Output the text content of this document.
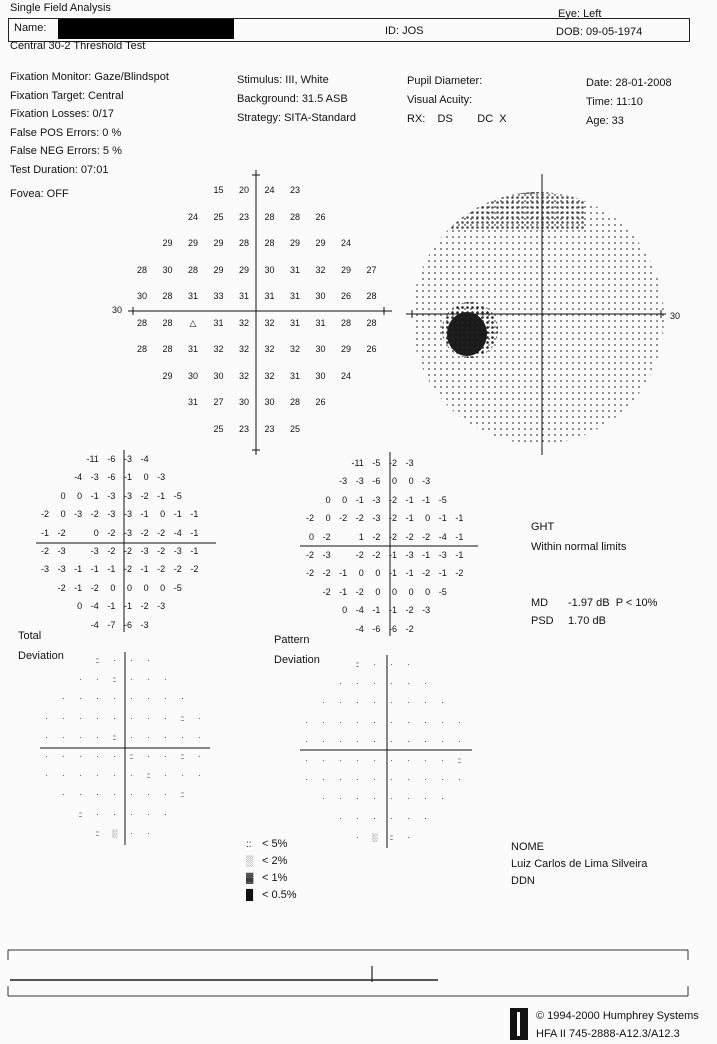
Single Field Analysis	Eye: Left
Name:	ID: JOS	DOB: 09-05-1974
Central 30-2 Threshold Test
Fixation Monitor: Gaze/Blindspot
Fixation Target: Central
Fixation Losses: 0/17
False POS Errors: 0 %
False NEG Errors: 5 %
Test Duration: 07:01
Fovea: OFF
Stimulus: III, White
Background: 31.5 ASB
Strategy: SITA-Standard
Pupil Diameter:
Visual Acuity:
RX:    DS        DC  X
Date: 28-01-2008
Time: 11:10
Age: 33
30
30
15	20	24	23
24	25	23	28	28	26
29	29	29	28	28	29	29	24
28	30	28	29	29	30	31	32	29	27
30	28	31	33	31	31	31	30	26	28
28	28	△	31	32	32	31	31	28	28
28	28	31	32	32	32	32	30	29	26
29	30	30	32	32	31	30	24
31	27	30	30	28	26
25	23	23	25
-11 -6 -3 -4
-4 -3 -6 -1	0 -3
0	0 -1 -3 -3 -2 -1 -5
-2	0 -3 -2 -3 -3 -1	0 -1 -1
-1 -2	0 -2 -3 -2 -2 -4 -1
-2 -3	-3 -2 -2 -3 -2 -3 -1
-3 -3 -1 -1 -1 -2 -1 -2 -2 -2
-2 -1 -2	0	0	0	0 -5
0 -4 -1 -1 -2 -3
-4 -7 -6 -3
-11 -5 -2 -3
-3 -3 -6	0	0 -3
0	0 -1 -3 -2 -1 -1 -5
-2	0 -2 -2 -3 -2 -1	0 -1 -1
0 -2	1 -2 -2 -2 -2 -4 -1
-2 -3	-2 -2 -1 -3 -1 -3 -1
-2 -2 -1	0	0 -1 -1 -2 -1 -2
-2 -1 -2	0	0	0	0 -5
0 -4 -1 -1 -2 -3
-4 -6 -6 -2
GHT
Within normal limits
MD -1.97 dB  P < 10%
PSD 1.70 dB
Total
Deviation
Pattern
Deviation
::	·	·	·
·	·	::	·	·	·
·	·	·	·	·	·	·	·
·	·	·	·	·	·	·	·	::	·
·	·	·	·	::	·	·	·	·	·
·	·	·	·	·	::	·	·	::	·
·	·	·	·	·	·	::	·	·	·
·	·	·	·	·	·	·	::
::	·	·	·	·	·
::	░	·	·
::	·	·	·
·	·	·	·	·	·
·	·	·	·	·	·	·	·
·	·	·	·	·	·	·	·	·	·
·	·	·	·	·	·	·	·	·	·
·	·	·	·	·	·	·	·	·	::
·	·	·	·	·	·	·	·	·	·
·	·	·	·	·	·	·	·
·	·	·	·	·	·
·	░	::	·
:: < 5%
░ < 2%
▓ < 1%
█ < 0.5%
NOME
Luiz Carlos de Lima Silveira
DDN
© 1994-2000 Humphrey Systems
HFA II 745-2888-A12.3/A12.3
